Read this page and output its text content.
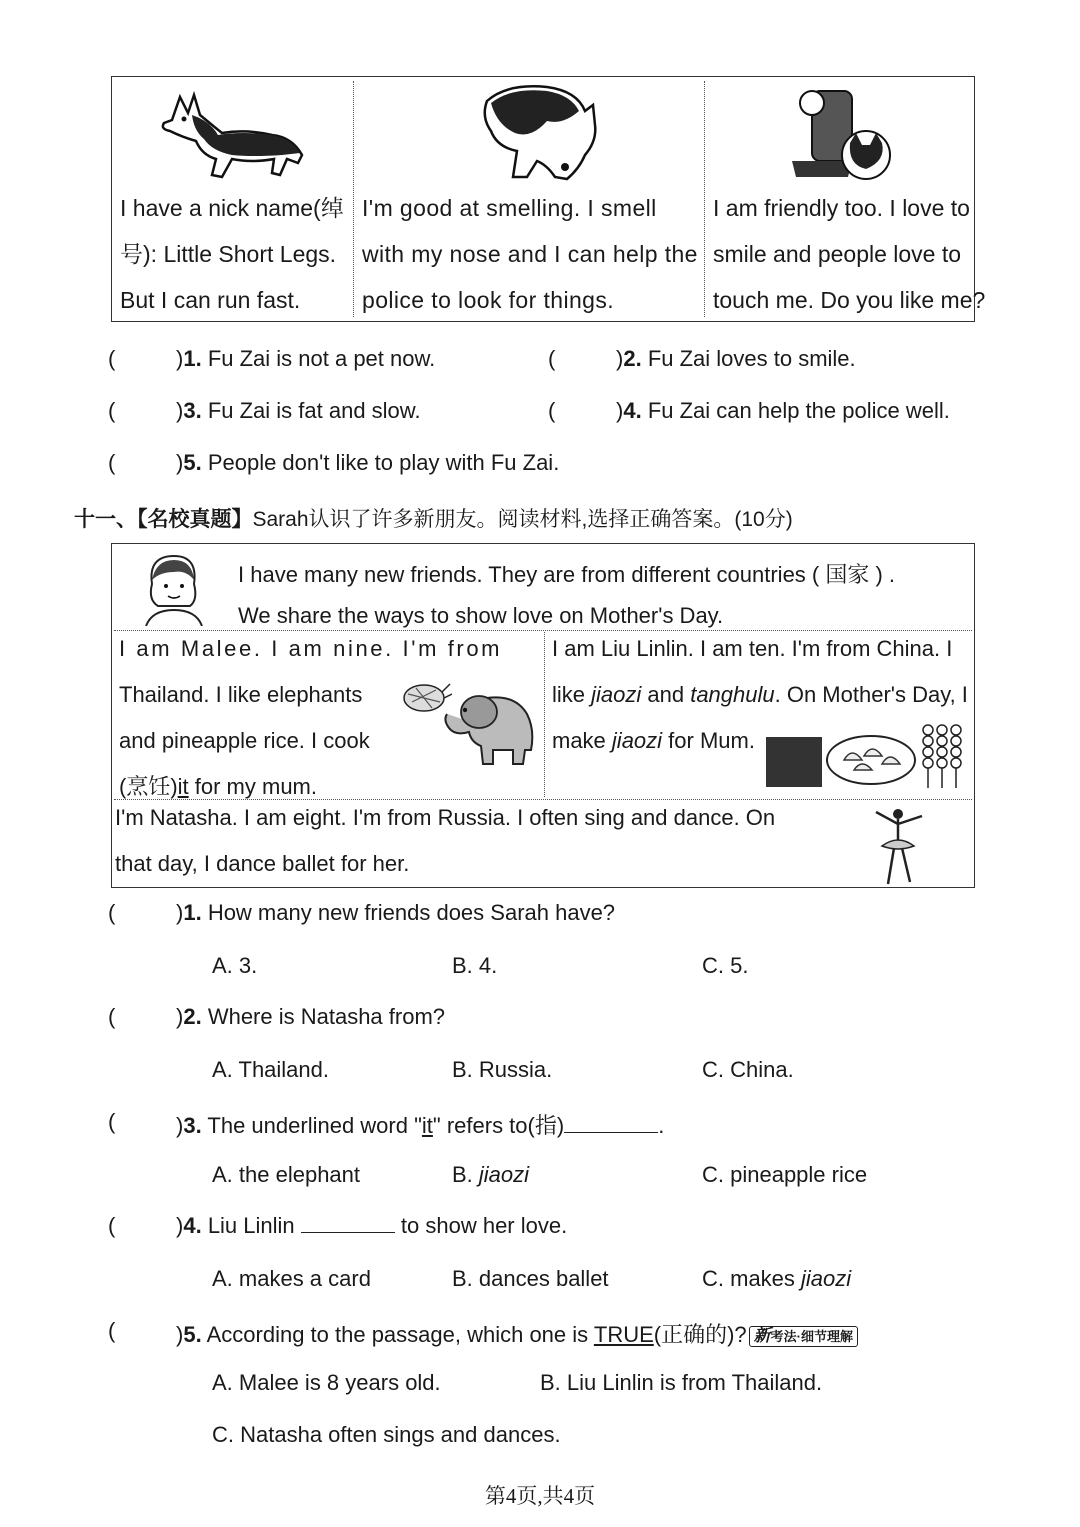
I have a nick name(绰
号): Little Short Legs.
But I can run fast.
I'm good at smelling. I smell
with my nose and I can help the
police to look for things.
I am friendly too. I love to
smile and people love to
touch me. Do you like me?
(	)1. Fu Zai is not a pet now.	(	)2. Fu Zai loves to smile.
(	)3. Fu Zai is fat and slow.	(	)4. Fu Zai can help the police well.
(	)5. People don't like to play with Fu Zai.
十一、【名校真题】Sarah认识了许多新朋友。阅读材料,选择正确答案。(10分)
I have many new friends. They are from different countries ( 国家 ) .
We share the ways to show love on Mother's Day.
I am Malee. I am nine. I'm from
Thailand. I like elephants
and pineapple rice. I cook
(烹饪)it for my mum.
I am Liu Linlin. I am ten. I'm from China. I
like jiaozi and tanghulu. On Mother's Day, I
make jiaozi for Mum.
I'm Natasha. I am eight. I'm from Russia. I often sing and dance. On
that day, I dance ballet for her.
(	)1. How many new friends does Sarah have?
A. 3.	B. 4.	C. 5.
(	)2. Where is Natasha from?
A. Thailand.	B. Russia.	C. China.
(	)3. The underlined word "it" refers to(指)	.
A. the elephant	B. jiaozi	C. pineapple rice
(	)4. Liu Linlin	to show her love.
A. makes a card	B. dances ballet	C. makes jiaozi
(	)5. According to the passage, which one is TRUE(正确的)? 新考法·细节理解
A. Malee is 8 years old.	B. Liu Linlin is from Thailand.
C. Natasha often sings and dances.
第4页,共4页
